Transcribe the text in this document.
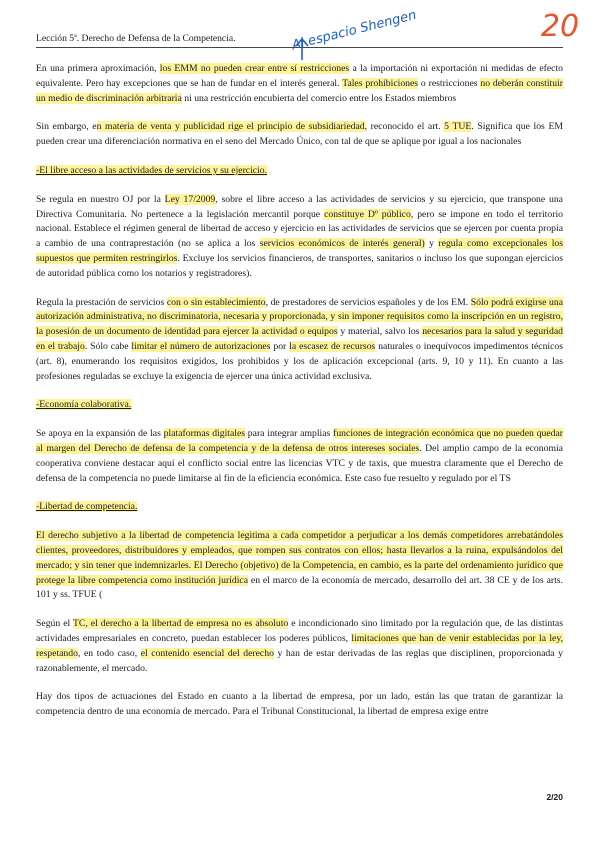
Lección 5ª. Derecho de Defensa de la Competencia.	Al espacio Shengen	20

En una primera aproximación, los EMM no pueden crear entre sí restricciones a la importación ni exportación ni medidas de efecto equivalente. Pero hay excepciones que se han de fundar en el interés general. Tales prohibiciones o restricciones no deberán constituir un medio de discriminación arbitraria ni una restricción encubierta del comercio entre los Estados miembros

Sin embargo, en materia de venta y publicidad rige el principio de subsidiariedad, reconocido el art. 5 TUE. Significa que los EM pueden crear una diferenciación normativa en el seno del Mercado Único, con tal de que se aplique por igual a los nacionales

-El libre acceso a las actividades de servicios y su ejercicio.

Se regula en nuestro OJ por la Ley 17/2009, sobre el libre acceso a las actividades de servicios y su ejercicio, que transpone una Directiva Comunitaria. No pertenece a la legislación mercantil porque constituye Dº público, pero se impone en todo el territorio nacional. Establece el régimen general de libertad de acceso y ejercicio en las actividades de servicios que se ejercen por cuenta propia a cambio de una contraprestación (no se aplica a los servicios económicos de interés general) y regula como excepcionales los supuestos que permiten restringirlos. Excluye los servicios financieros, de transportes, sanitarios o incluso los que supongan ejercicios de autoridad pública como los notarios y registradores).

Regula la prestación de servicios con o sin establecimiento, de prestadores de servicios españoles y de los EM. Sólo podrá exigirse una autorización administrativa, no discriminatoria, necesaria y proporcionada, y sin imponer requisitos como la inscripción en un registro, la posesión de un documento de identidad para ejercer la actividad o equipos y material, salvo los necesarios para la salud y seguridad en el trabajo. Sólo cabe limitar el número de autorizaciones por la escasez de recursos naturales o inequívocos impedimentos técnicos (art. 8), enumerando los requisitos exigidos, los prohibidos y los de aplicación excepcional (arts. 9, 10 y 11). En cuanto a las profesiones reguladas se excluye la exigencia de ejercer una única actividad exclusiva.

-Economía colaborativa.

Se apoya en la expansión de las plataformas digitales para integrar amplias funciones de integración económica que no pueden quedar al margen del Derecho de defensa de la competencia y de la defensa de otros intereses sociales. Del amplio campo de la economía cooperativa conviene destacar aquí el conflicto social entre las licencias VTC y de taxis, que muestra claramente que el Derecho de defensa de la competencia no puede limitarse al fin de la eficiencia económica. Este caso fue resuelto y regulado por el TS

-Libertad de competencia.

El derecho subjetivo a la libertad de competencia legitima a cada competidor a perjudicar a los demás competidores arrebatándoles clientes, proveedores, distribuidores y empleados, que rompen sus contratos con ellos; hasta llevarlos a la ruina, expulsándolos del mercado; y sin tener que indemnizarles. El Derecho (objetivo) de la Competencia, en cambio, es la parte del ordenamiento jurídico que protege la libre competencia como institución jurídica en el marco de la economía de mercado, desarrollo del art. 38 CE y de los arts. 101 y ss. TFUE (

Según el TC, el derecho a la libertad de empresa no es absoluto e incondicionado sino limitado por la regulación que, de las distintas actividades empresariales en concreto, puedan establecer los poderes públicos, limitaciones que han de venir establecidas por la ley, respetando, en todo caso, el contenido esencial del derecho y han de estar derivadas de las reglas que disciplinen, proporcionada y razonablemente, el mercado.

Hay dos tipos de actuaciones del Estado en cuanto a la libertad de empresa, por un lado, están las que tratan de garantizar la competencia dentro de una economía de mercado. Para el Tribunal Constitucional, la libertad de empresa exige entre

2/20
